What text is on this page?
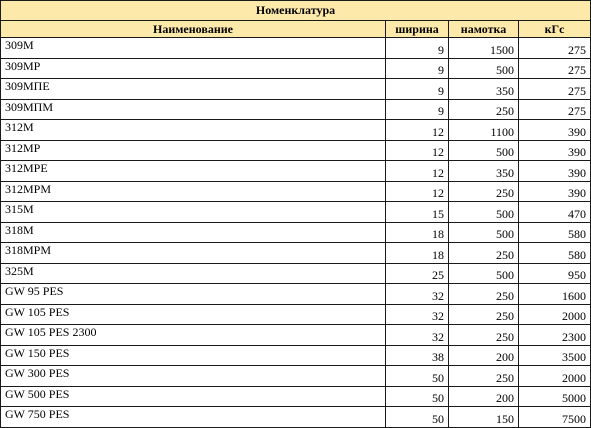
Номенклатура			
Наименование	ширина	намотка	кГс
309M	9	1500	275
309MP	9	500	275
309MПE	9	350	275
309MПM	9	250	275
312M	12	1100	390
312MP	12	500	390
312MPE	12	350	390
312MPM	12	250	390
315M	15	500	470
318M	18	500	580
318MPM	18	250	580
325M	25	500	950
GW 95 PES	32	250	1600
GW 105 PES	32	250	2000
GW 105 PES 2300	32	250	2300
GW 150 PES	38	200	3500
GW 300 PES	50	250	2000
GW 500 PES	50	200	5000
GW 750 PES	50	150	7500
